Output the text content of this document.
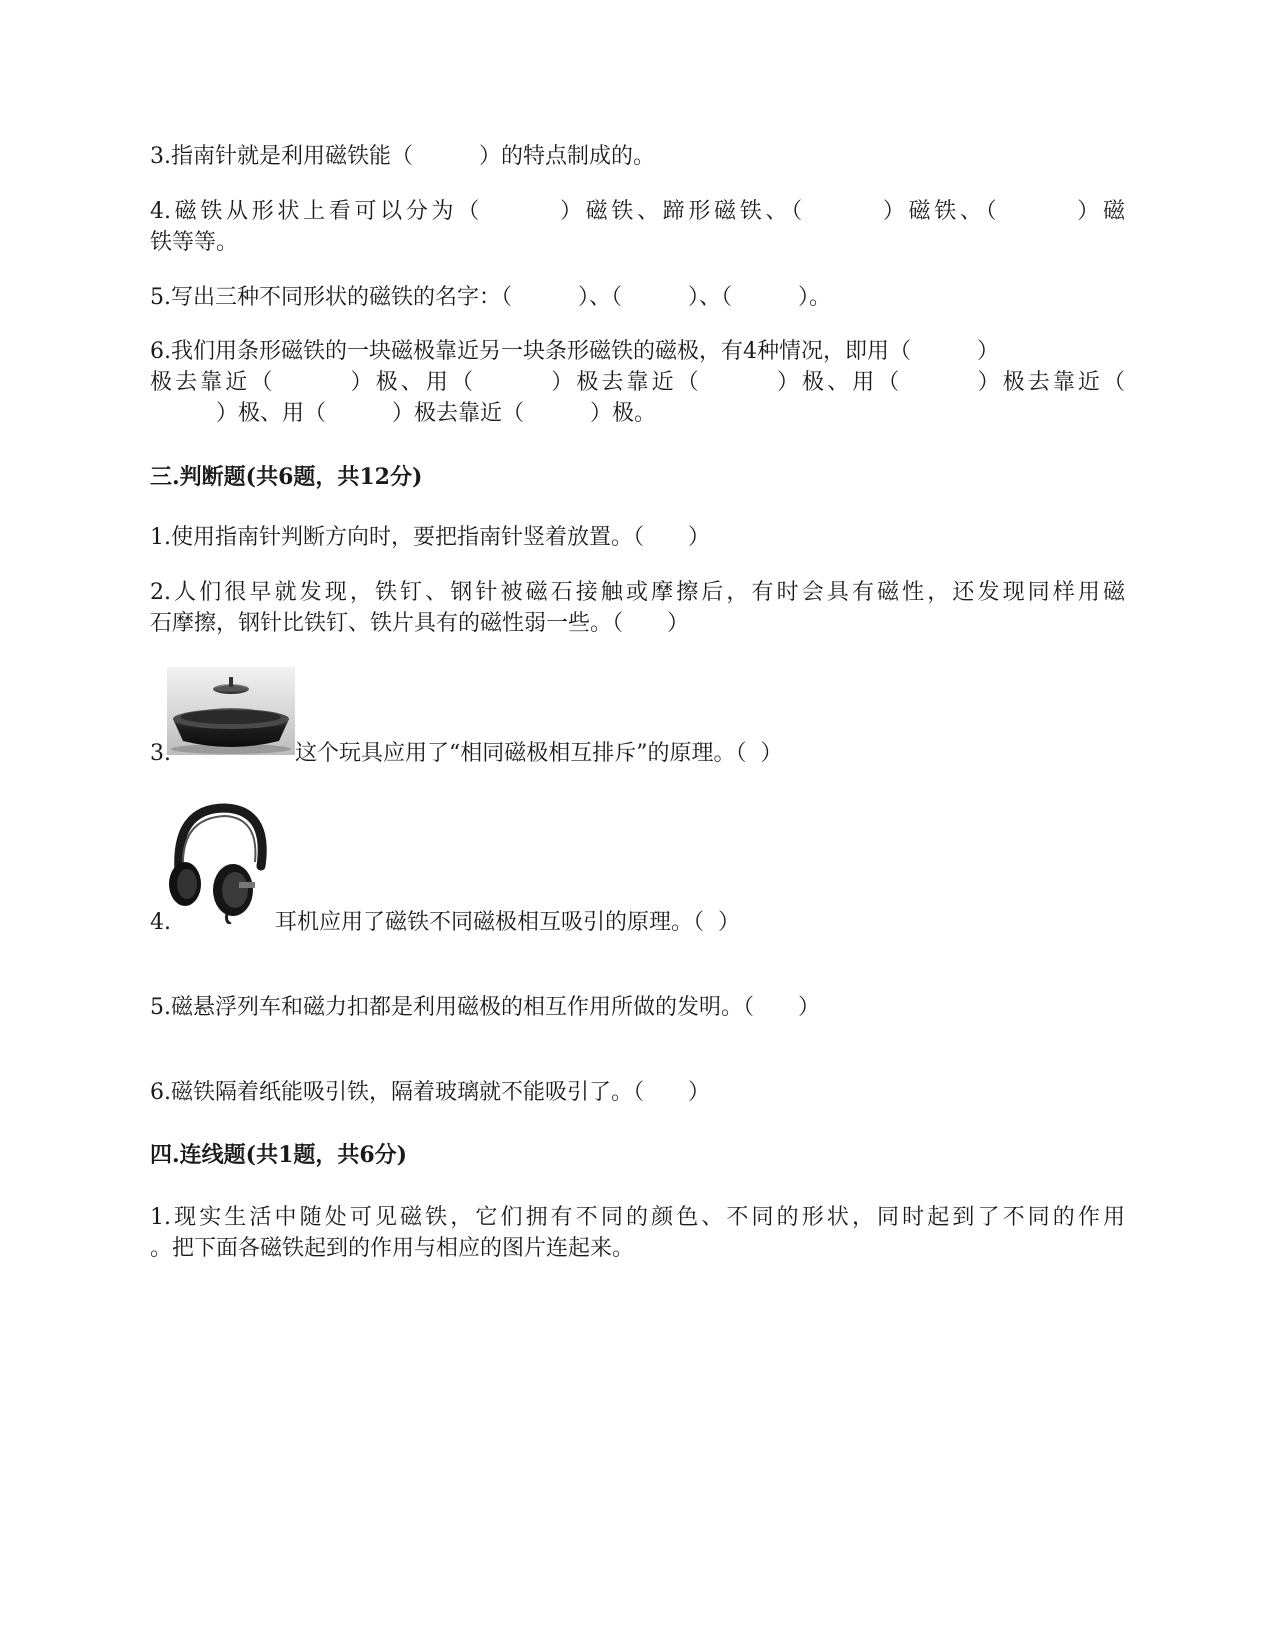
3.指南针就是利用磁铁能（　　　）的特点制成的。
4.磁铁从形状上看可以分为（　　　）磁铁、蹄形磁铁、（　　　）磁铁、（　　　）磁
铁等等。
5.写出三种不同形状的磁铁的名字：（　　　）、（　　　）、（　　　）。
6.我们用条形磁铁的一块磁极靠近另一块条形磁铁的磁极，有4种情况，即用（　　　）
极去靠近（　　　）极、用（　　　）极去靠近（　　　）极、用（　　　）极去靠近（
　　　）极、用（　　　）极去靠近（　　　）极。
三.判断题(共6题，共12分)
1.使用指南针判断方向时，要把指南针竖着放置。（　　）
2.人们很早就发现，铁钉、钢针被磁石接触或摩擦后，有时会具有磁性，还发现同样用磁
石摩擦，钢针比铁钉、铁片具有的磁性弱一些。（　　）
3.	这个玩具应用了“相同磁极相互排斥”的原理。（  ）
4.	耳机应用了磁铁不同磁极相互吸引的原理。（  ）
5.磁悬浮列车和磁力扣都是利用磁极的相互作用所做的发明。（　　）
6.磁铁隔着纸能吸引铁，隔着玻璃就不能吸引了。（　　）
四.连线题(共1题，共6分)
1.现实生活中随处可见磁铁，它们拥有不同的颜色、不同的形状，同时起到了不同的作用
。把下面各磁铁起到的作用与相应的图片连起来。
